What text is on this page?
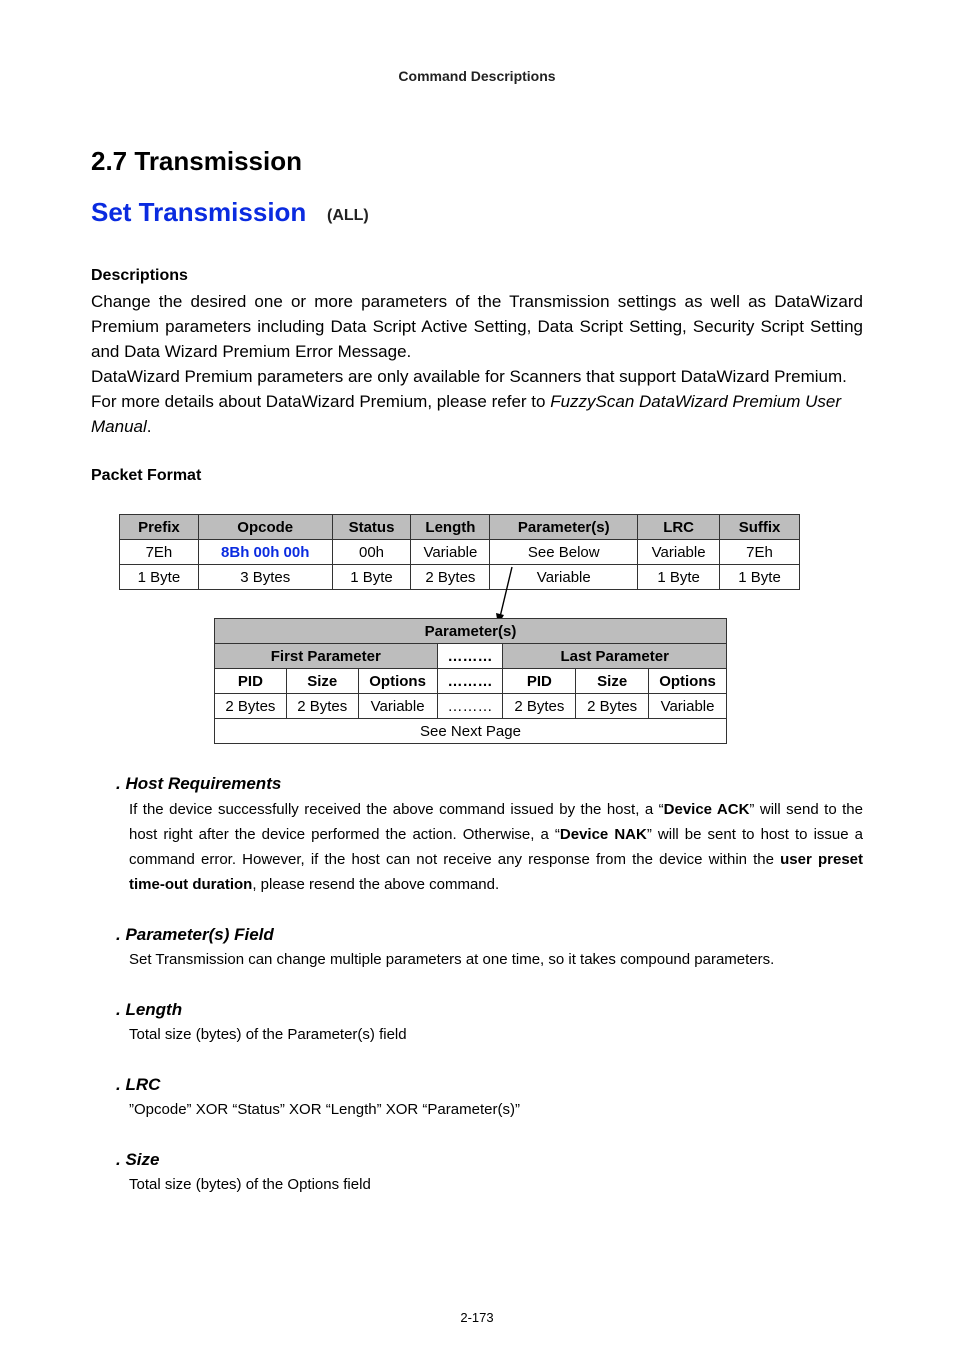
Command Descriptions
2.7 Transmission
Set Transmission (ALL)
Descriptions
Change the desired one or more parameters of the Transmission settings as well as DataWizard Premium parameters including Data Script Active Setting, Data Script Setting, Security Script Setting and Data Wizard Premium Error Message.
DataWizard Premium parameters are only available for Scanners that support DataWizard Premium. For more details about DataWizard Premium, please refer to FuzzyScan DataWizard Premium User Manual.
Packet Format
Prefix	Opcode	Status	Length	Parameter(s)	LRC	Suffix
7Eh	8Bh 00h 00h	00h	Variable	See Below	Variable	7Eh
1 Byte	3 Bytes	1 Byte	2 Bytes	Variable	1 Byte	1 Byte
Parameter(s)						
First Parameter			………	Last Parameter		
PID	Size	Options	………	PID	Size	Options
2 Bytes	2 Bytes	Variable	………	2 Bytes	2 Bytes	Variable
See Next Page						
. Host Requirements
If the device successfully received the above command issued by the host, a “Device ACK” will send to the host right after the device performed the action. Otherwise, a “Device NAK” will be sent to host to issue a command error. However, if the host can not receive any response from the device within the user preset time-out duration, please resend the above command.
. Parameter(s) Field
Set Transmission can change multiple parameters at one time, so it takes compound parameters.
. Length
Total size (bytes) of the Parameter(s) field
. LRC
”Opcode” XOR “Status” XOR “Length” XOR “Parameter(s)”
. Size
Total size (bytes) of the Options field
2-173
